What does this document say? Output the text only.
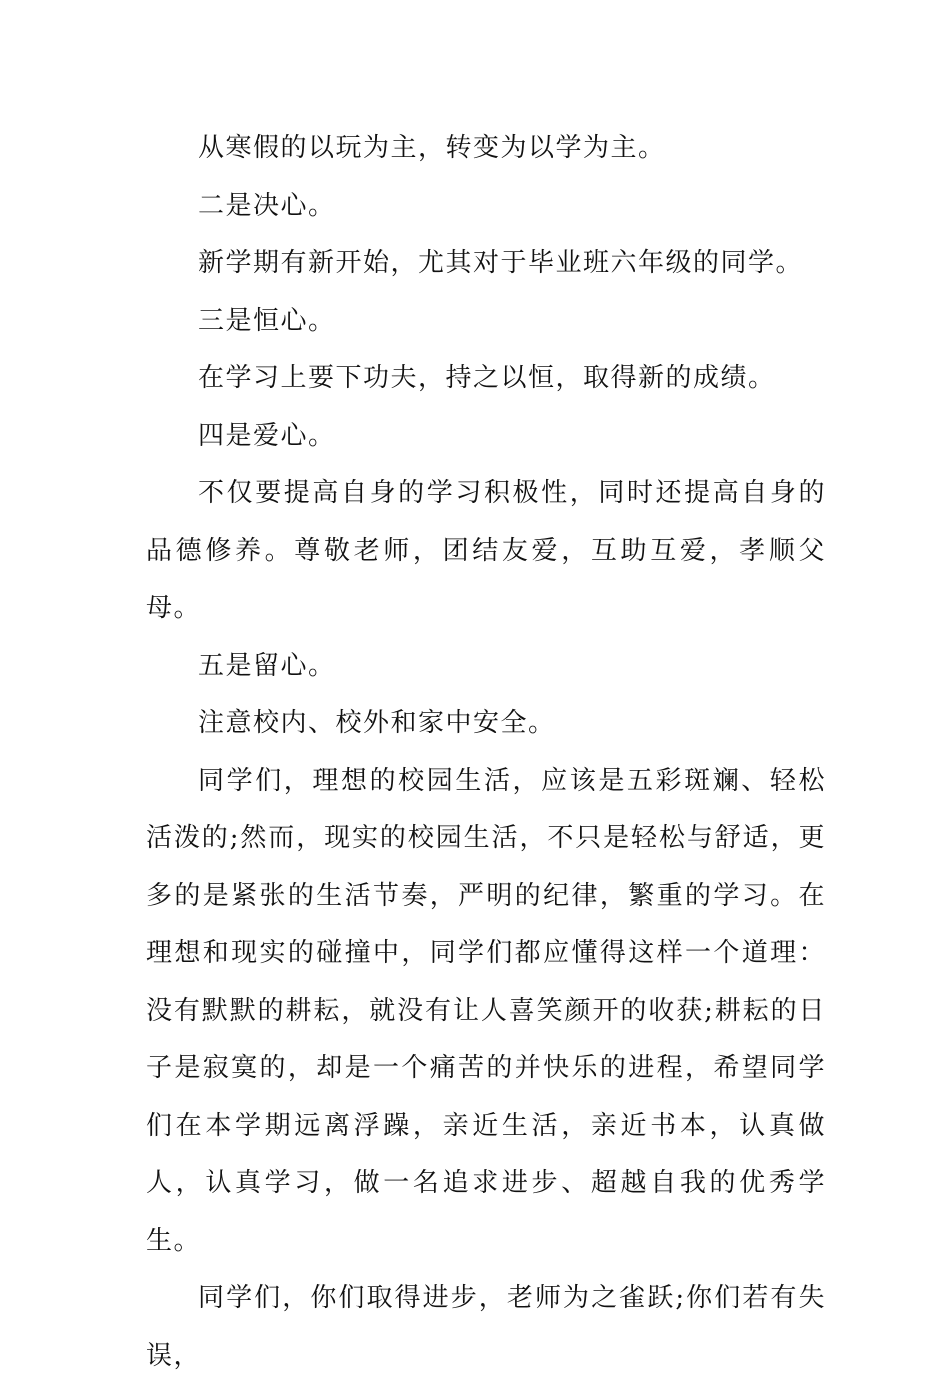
从寒假的以玩为主，转变为以学为主。

二是决心。

新学期有新开始，尤其对于毕业班六年级的同学。

三是恒心。

在学习上要下功夫，持之以恒，取得新的成绩。

四是爱心。

不仅要提高自身的学习积极性，同时还提高自身的品德修养。尊敬老师，团结友爱，互助互爱，孝顺父母。

五是留心。

注意校内、校外和家中安全。

同学们，理想的校园生活，应该是五彩斑斓、轻松活泼的;然而，现实的校园生活，不只是轻松与舒适，更多的是紧张的生活节奏，严明的纪律，繁重的学习。在理想和现实的碰撞中，同学们都应懂得这样一个道理：没有默默的耕耘，就没有让人喜笑颜开的收获;耕耘的日子是寂寞的，却是一个痛苦的并快乐的进程，希望同学们在本学期远离浮躁，亲近生活，亲近书本，认真做人，认真学习，做一名追求进步、超越自我的优秀学生。

同学们，你们取得进步，老师为之雀跃;你们若有失误，
